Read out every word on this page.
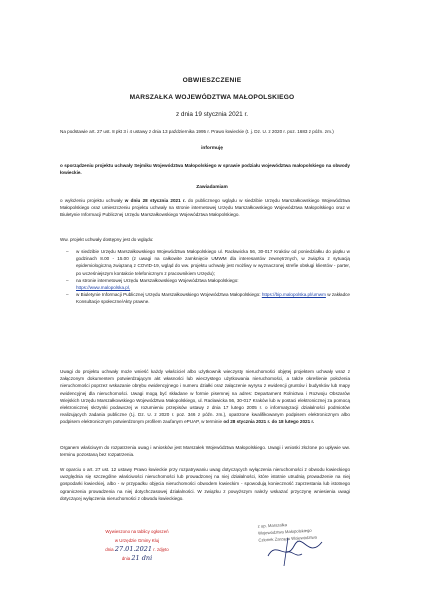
OBWIESZCZENIE
MARSZAŁKA WOJEWÓDZTWA MAŁOPOLSKIEGO
z dnia 19 stycznia 2021 r.

Na podstawie art. 27 ust. 8 pkt 3 i 4 ustawy z dnia 13 października 1995 r. Prawo łowieckie (t. j. Dz. U. z 2020 r. poz. 1683 z późn. zm.)

informuję

o sporządzeniu projektu uchwały Sejmiku Województwa Małopolskiego w sprawie podziału województwa małopolskiego na obwody łowieckie.

Zawiadamiam

o wyłożeniu projektu uchwały w dniu 28 stycznia 2021 r. do publicznego wglądu w siedzibie Urzędu Marszałkowskiego Województwa Małopolskiego oraz umieszczeniu projektu uchwały na stronie internetowej Urzędu Marszałkowskiego Województwa Małopolskiego oraz w Biuletynie Informacji Publicznej Urzędu Marszałkowskiego Województwa Małopolskiego.

Ww. projekt uchwały dostępny jest do wglądu:

– w siedzibie Urzędu Marszałkowskiego Województwa Małopolskiego ul. Racławicka 56, 30-017 Kraków od poniedziałku do piątku w godzinach 8.00 - 15.00 (z uwagi na całkowite zamknięcie UMWM dla interesantów zewnętrznych, w związku z sytuacją epidemiologiczną związaną z COVID-19, wgląd do ww. projektu uchwały jest możliwy w wyznaczonej strefie obsługi klientów - parter, po wcześniejszym kontakcie telefonicznym z pracownikiem Urzędu);
– na stronie internetowej Urzędu Marszałkowskiego Województwa Małopolskiego:
https://www.malopolska.pl,
– w Biuletynie Informacji Publicznej Urzędu Marszałkowskiego Województwa Małopolskiego: https://bip.malopolska.pl/umwm w zakładce Konsultacje społeczne/Akty prawne.

Uwagi do projektu uchwały może wnieść każdy właściciel albo użytkownik wieczysty nieruchomości objętej projektem uchwały wraz z załączonym dokumentem potwierdzającym akt własności lub wieczystego użytkowania nieruchomości, a także określenie położenia nieruchomości poprzez wskazanie obrębu ewidencyjnego i numeru działki oraz załączenie wyrysu z ewidencji gruntów i budynków lub mapy ewidencyjnej dla nieruchomości. Uwagi mogą być składane w formie pisemnej na adres: Departament Rolnictwa i Rozwoju Obszarów Wiejskich Urzędu Marszałkowskiego Województwa Małopolskiego, ul. Racławicka 56, 30-017 Kraków lub w postaci elektronicznej za pomocą elektronicznej skrzynki podawczej w rozumieniu przepisów ustawy z dnia 17 lutego 2005 r. o informatyzacji działalności podmiotów realizujących zadania publiczne (t.j. Dz. U. z 2020 r. poz. 346 z późn. zm.), opatrzone kwalifikowanym podpisem elektronicznym albo podpisem elektronicznym potwierdzonym profilem zaufanym ePUAP, w terminie od 28 stycznia 2021 r. do 18 lutego 2021 r.

Organem właściwym do rozpatrzenia uwag i wniosków jest Marszałek Województwa Małopolskiego. Uwagi i wnioski złożone po upływie ww. terminu pozostaną bez rozpatrzenia.

W oparciu o art. 27 ust. 12 ustawy Prawo łowieckie przy rozpatrywaniu uwag dotyczących wyłączenia nieruchomości z obwodu łowieckiego uwzględnia się szczególne właściwości nieruchomości lub prowadzonej na niej działalności, które istotnie utrudnią prowadzenie na niej gospodarki łowieckiej, albo - w przypadku objęcia nieruchomości obwodem łowieckim - spowodują konieczność zaprzestania lub istotnego ograniczenia prowadzenia na niej dotychczasowej działalności. W związku z powyższym należy wskazać przyczynę wniesienia uwagi dotyczącej wyłączenia nieruchomości z obwodu łowieckiego.

Wywieszono na tablicy ogłoszeń
w Urzędzie Gminy Kluj
dnia 27.01.2021 r. zdjęto
dnia 21 dni
z up. Marszałka
Województwa Małopolskiego
Członek Zarządu Województwa
